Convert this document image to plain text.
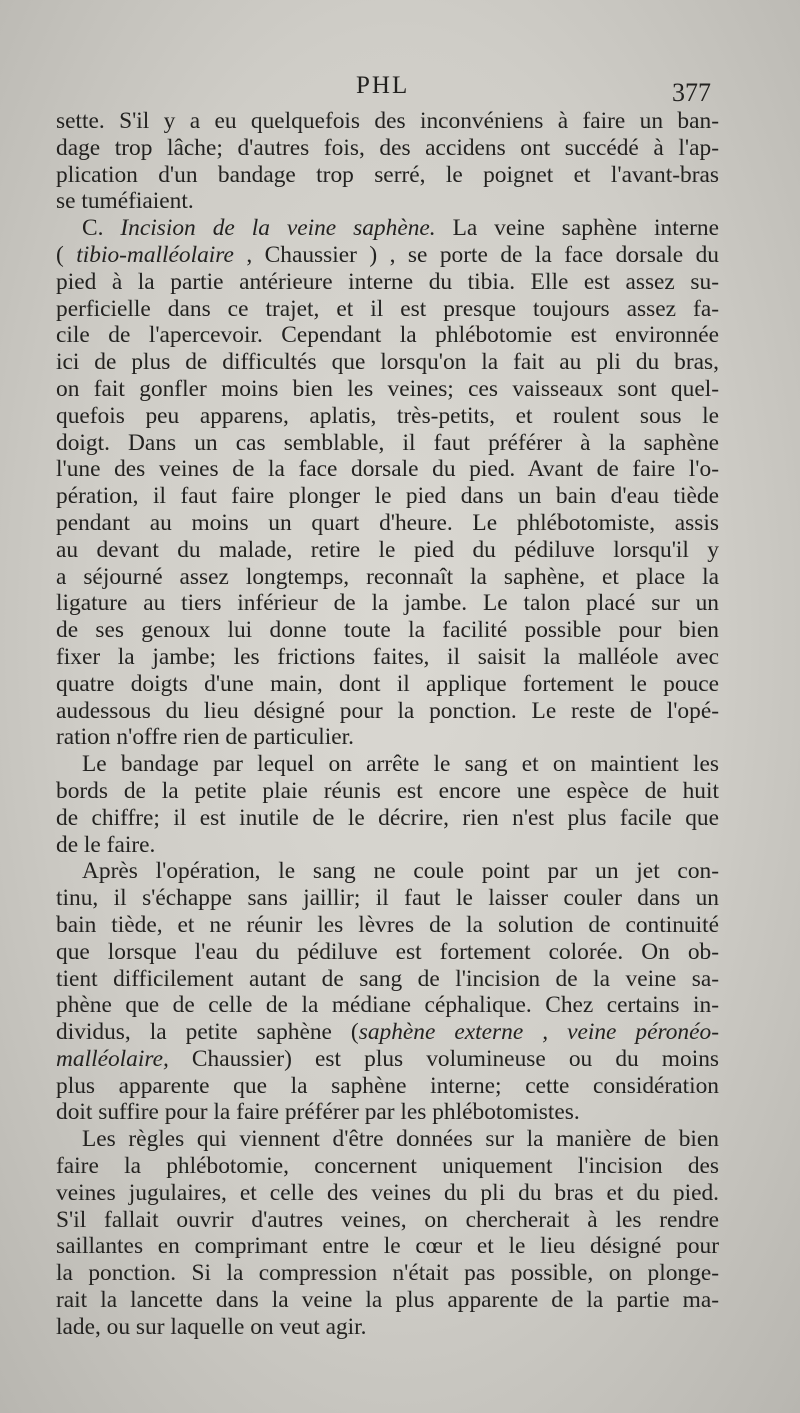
PHL	377
sette. S'il y a eu quelquefois des inconvéniens à faire un ban-
dage trop lâche; d'autres fois, des accidens ont succédé à l'ap-
plication d'un bandage trop serré, le poignet et l'avant-bras
se tuméfiaient.
C. Incision de la veine saphène. La veine saphène interne
( tibio-malléolaire , Chaussier ) , se porte de la face dorsale du
pied à la partie antérieure interne du tibia. Elle est assez su-
perficielle dans ce trajet, et il est presque toujours assez fa-
cile de l'apercevoir. Cependant la phlébotomie est environnée
ici de plus de difficultés que lorsqu'on la fait au pli du bras,
on fait gonfler moins bien les veines; ces vaisseaux sont quel-
quefois peu apparens, aplatis, très-petits, et roulent sous le
doigt. Dans un cas semblable, il faut préférer à la saphène
l'une des veines de la face dorsale du pied. Avant de faire l'o-
pération, il faut faire plonger le pied dans un bain d'eau tiède
pendant au moins un quart d'heure. Le phlébotomiste, assis
au devant du malade, retire le pied du pédiluve lorsqu'il y
a séjourné assez longtemps, reconnaît la saphène, et place la
ligature au tiers inférieur de la jambe. Le talon placé sur un
de ses genoux lui donne toute la facilité possible pour bien
fixer la jambe; les frictions faites, il saisit la malléole avec
quatre doigts d'une main, dont il applique fortement le pouce
audessous du lieu désigné pour la ponction. Le reste de l'opé-
ration n'offre rien de particulier.
Le bandage par lequel on arrête le sang et on maintient les
bords de la petite plaie réunis est encore une espèce de huit
de chiffre; il est inutile de le décrire, rien n'est plus facile que
de le faire.
Après l'opération, le sang ne coule point par un jet con-
tinu, il s'échappe sans jaillir; il faut le laisser couler dans un
bain tiède, et ne réunir les lèvres de la solution de continuité
que lorsque l'eau du pédiluve est fortement colorée. On ob-
tient difficilement autant de sang de l'incision de la veine sa-
phène que de celle de la médiane céphalique. Chez certains in-
dividus, la petite saphène (saphène externe , veine péronéo-
malléolaire, Chaussier) est plus volumineuse ou du moins
plus apparente que la saphène interne; cette considération
doit suffire pour la faire préférer par les phlébotomistes.
Les règles qui viennent d'être données sur la manière de bien
faire la phlébotomie, concernent uniquement l'incision des
veines jugulaires, et celle des veines du pli du bras et du pied.
S'il fallait ouvrir d'autres veines, on chercherait à les rendre
saillantes en comprimant entre le cœur et le lieu désigné pour
la ponction. Si la compression n'était pas possible, on plonge-
rait la lancette dans la veine la plus apparente de la partie ma-
lade, ou sur laquelle on veut agir.
